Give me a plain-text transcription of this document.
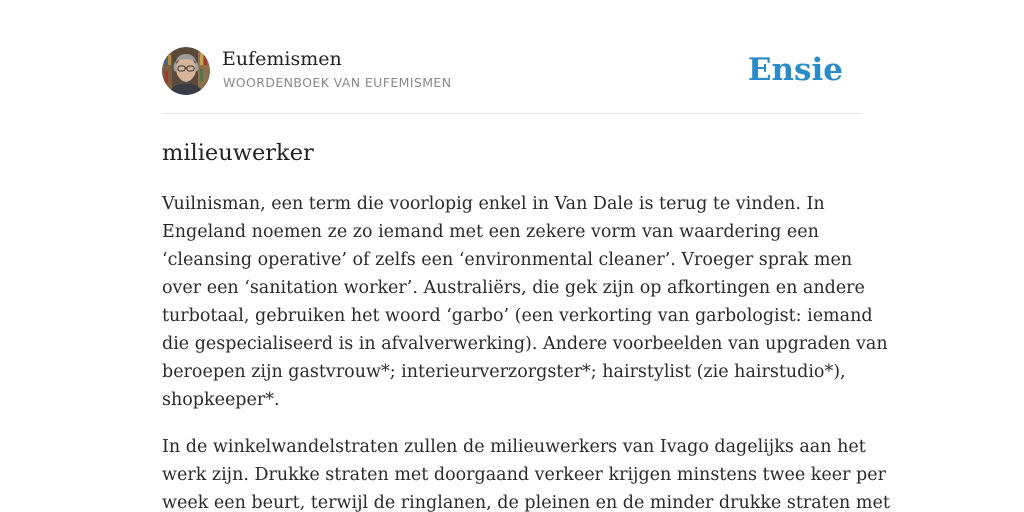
Eufemismen
WOORDENBOEK VAN EUFEMISMEN	Ensie
milieuwerker

Vuilnisman, een term die voorlopig enkel in Van Dale is terug te vinden. In
Engeland noemen ze zo iemand met een zekere vorm van waardering een
‘cleansing operative’ of zelfs een ‘environmental cleaner’. Vroeger sprak men
over een ‘sanitation worker’. Australiërs, die gek zijn op afkortingen en andere
turbotaal, gebruiken het woord ‘garbo’ (een verkorting van garbologist: iemand
die gespecialiseerd is in afvalverwerking). Andere voorbeelden van upgraden van
beroepen zijn gastvrouw*; interieurverzorgster*; hairstylist (zie hairstudio*),
shopkeeper*.

In de winkelwandelstraten zullen de milieuwerkers van Ivago dagelijks aan het
werk zijn. Drukke straten met doorgaand verkeer krijgen minstens twee keer per
week een beurt, terwijl de ringlanen, de pleinen en de minder drukke straten met
